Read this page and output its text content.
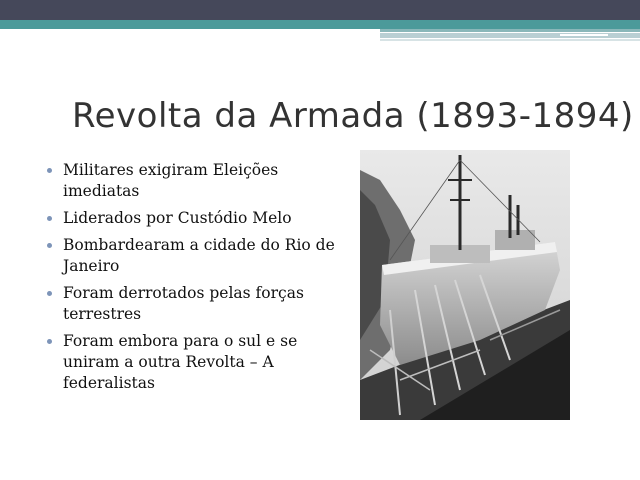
Revolta da Armada (1893-1894)
Militares exigiram Eleições imediatas
Liderados por Custódio Melo
Bombardearam a cidade do Rio de Janeiro
Foram derrotados pelas forças terrestres
Foram embora para o sul e se uniram a outra Revolta – A federalistas
